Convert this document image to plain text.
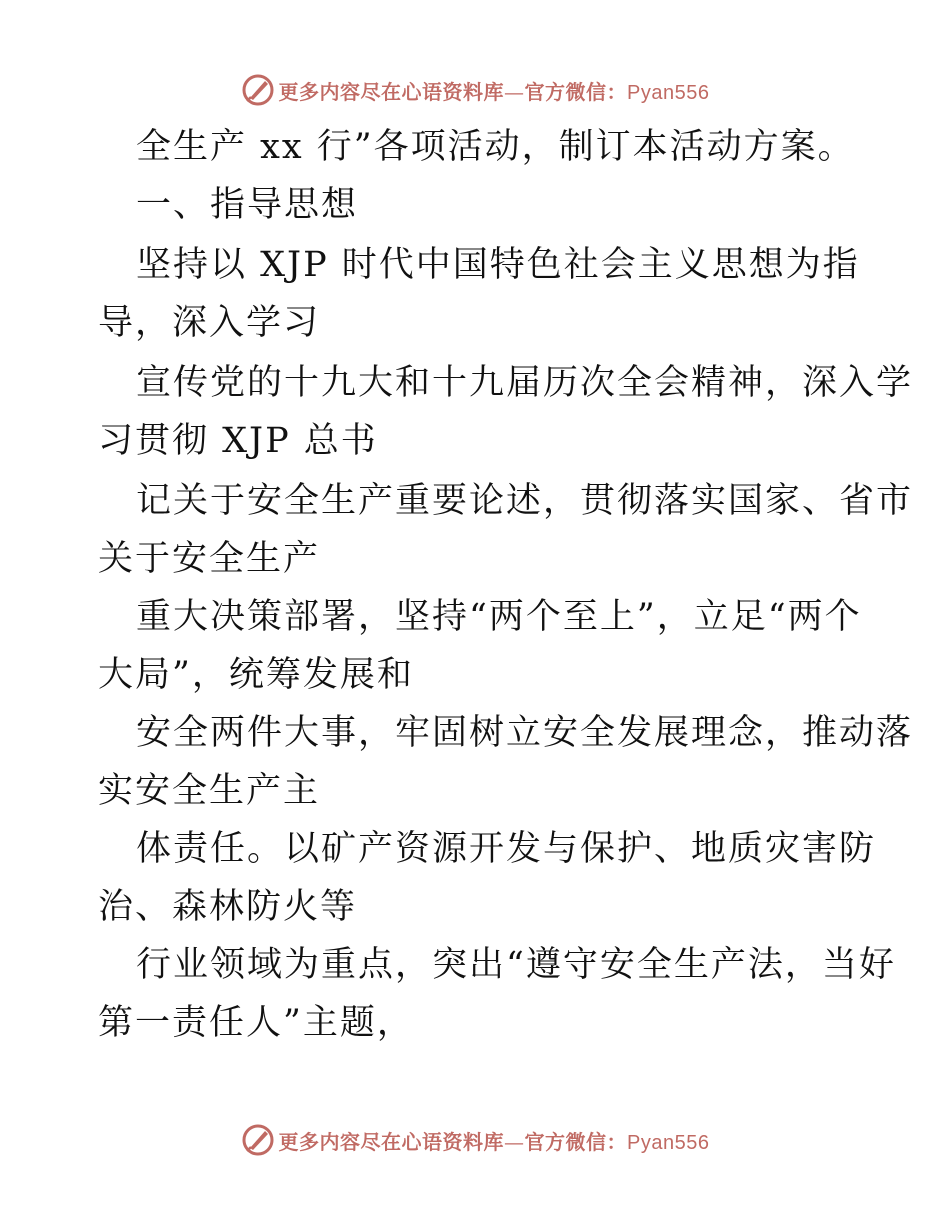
更多内容尽在心语资料库—官方微信：Pyan556
全生产 xx 行”各项活动，制订本活动方案。
一、指导思想
坚持以 XJP 时代中国特色社会主义思想为指
导，深入学习
宣传党的十九大和十九届历次全会精神，深入学
习贯彻 XJP 总书
记关于安全生产重要论述，贯彻落实国家、省市
关于安全生产
重大决策部署，坚持“两个至上”，立足“两个
大局”，统筹发展和
安全两件大事，牢固树立安全发展理念，推动落
实安全生产主
体责任。以矿产资源开发与保护、地质灾害防
治、森林防火等
行业领域为重点，突出“遵守安全生产法，当好
第一责任人”主题，
更多内容尽在心语资料库—官方微信：Pyan556
